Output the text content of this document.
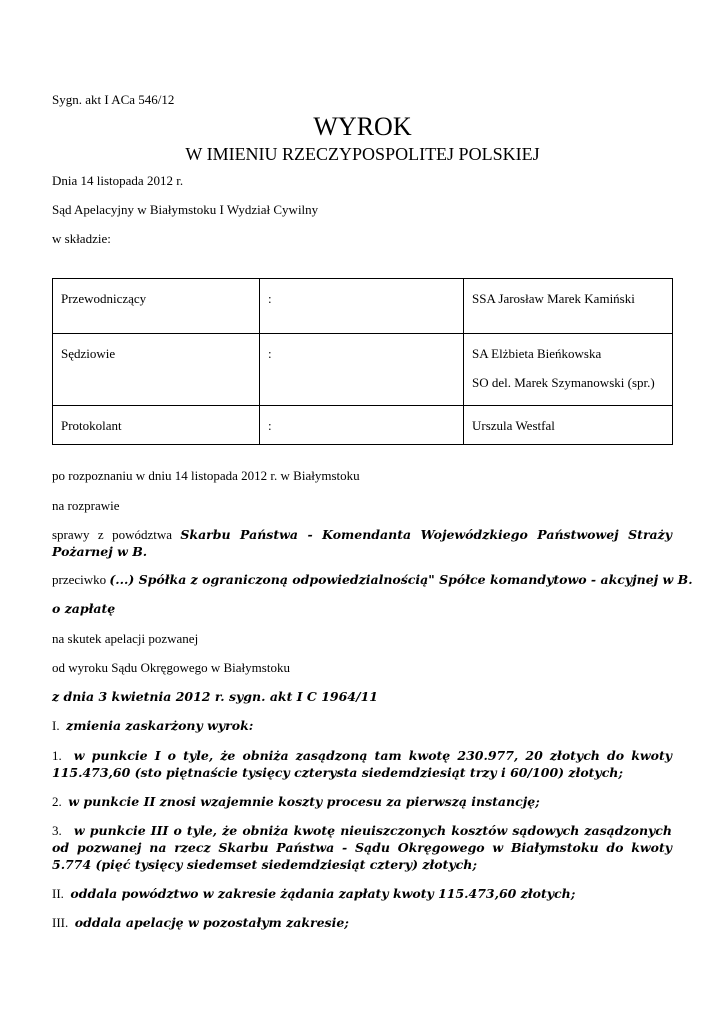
Sygn. akt I ACa 546/12
WYROK
W IMIENIU RZECZYPOSPOLITEJ POLSKIEJ
Dnia 14 listopada 2012 r.
Sąd Apelacyjny w Białymstoku I Wydział Cywilny
w składzie:
Przewodniczący	:	SSA Jarosław Marek Kamiński
Sędziowie	:	SA Elżbieta Bieńkowska
SO del. Marek Szymanowski (spr.)

Protokolant	:	Urszula Westfal
po rozpoznaniu w dniu 14 listopada 2012 r. w Białymstoku
na rozprawie
sprawy z powództwa Skarbu Państwa - Komendanta Wojewódzkiego Państwowej Straży Pożarnej w B.
przeciwko (...) Spółka z ograniczoną odpowiedzialnością" Spółce komandytowo - akcyjnej w B.
o zapłatę
na skutek apelacji pozwanej
od wyroku Sądu Okręgowego w Białymstoku
z dnia 3 kwietnia 2012 r. sygn. akt I C 1964/11
I. zmienia zaskarżony wyrok:
1. w punkcie I o tyle, że obniża zasądzoną tam kwotę 230.977, 20 złotych do kwoty 115.473,60 (sto piętnaście tysięcy czterysta siedemdziesiąt trzy i 60/100) złotych;
2. w punkcie II znosi wzajemnie koszty procesu za pierwszą instancję;
3. w punkcie III o tyle, że obniża kwotę nieuiszczonych kosztów sądowych zasądzonych od pozwanej na rzecz Skarbu Państwa - Sądu Okręgowego w Białymstoku do kwoty 5.774 (pięć tysięcy siedemset siedemdziesiąt cztery) złotych;
II. oddala powództwo w zakresie żądania zapłaty kwoty 115.473,60 złotych;
III. oddala apelację w pozostałym zakresie;
